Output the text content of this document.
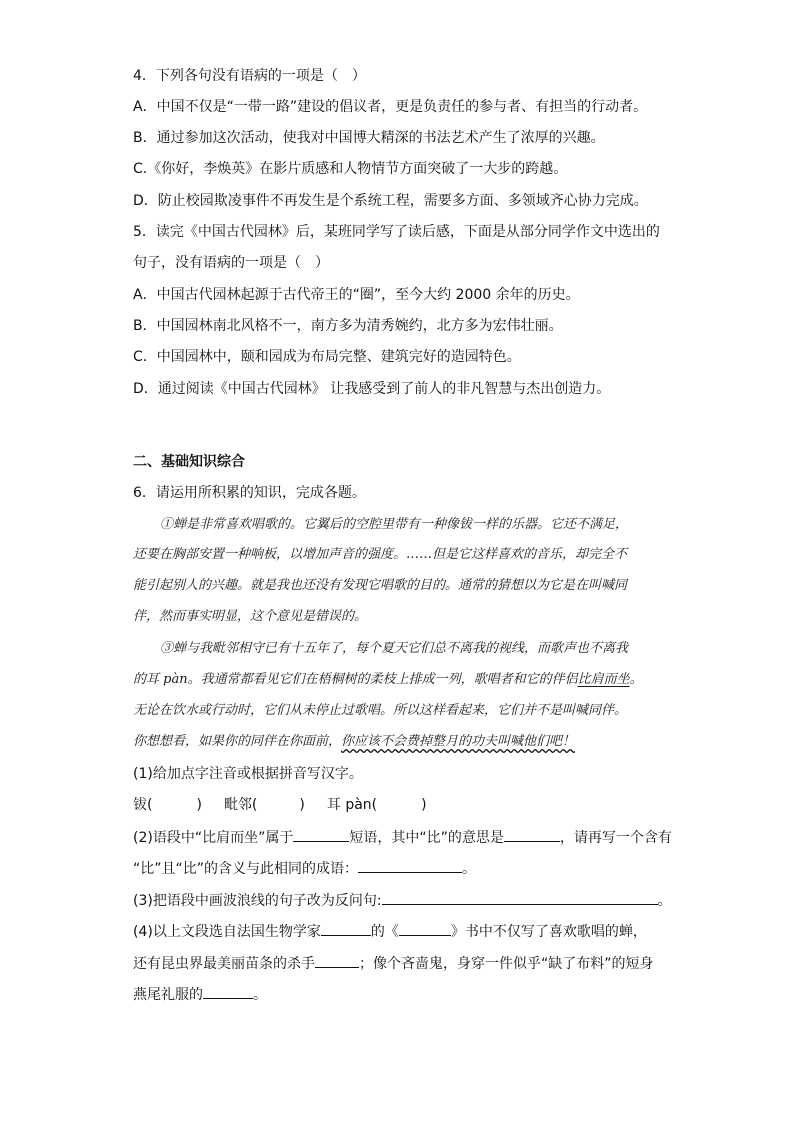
4．下列各句没有语病的一项是（　）
A．中国不仅是“一带一路”建设的倡议者，更是负责任的参与者、有担当的行动者。
B．通过参加这次活动，使我对中国博大精深的书法艺术产生了浓厚的兴趣。
C.《你好，李焕英》在影片质感和人物情节方面突破了一大步的跨越。
D．防止校园欺凌事件不再发生是个系统工程，需要多方面、多领域齐心协力完成。
5．读完《中国古代园林》后，某班同学写了读后感，下面是从部分同学作文中选出的
句子，没有语病的一项是（　）
A．中国古代园林起源于古代帝王的“圈”，至今大约 2000 余年的历史。
B．中国园林南北风格不一，南方多为清秀婉约，北方多为宏伟壮丽。
C．中国园林中，颐和园成为布局完整、建筑完好的造园特色。
D．通过阅读《中国古代园林》 让我感受到了前人的非凡智慧与杰出创造力。
二、基础知识综合
6．请运用所积累的知识，完成各题。
①蝉是非常喜欢唱歌的。它翼后的空腔里带有一种像钹一样的乐器。它还不满足，
还要在胸部安置一种响板，以增加声音的强度。……但是它这样喜欢的音乐，却完全不
能引起别人的兴趣。就是我也还没有发现它唱歌的目的。通常的猜想以为它是在叫喊同
伴，然而事实明显，这个意见是错误的。
③蝉与我毗邻相守已有十五年了，每个夏天它们总不离我的视线，而歌声也不离我
的耳 pàn。我通常都看见它们在梧桐树的柔枝上排成一列，歌唱者和它的伴侣比肩而坐。
无论在饮水或行动时，它们从未停止过歌唱。所以这样看起来，它们并不是叫喊同伴。
你想想看，如果你的同伴在你面前，你应该不会费掉整月的功夫叫喊他们吧！
(1)给加点字注音或根据拼音写汉字。
钹(	) 毗邻(	) 耳 pàn(	)
(2)语段中“比肩而坐”属于	短语，其中“比”的意思是	，请再写一个含有
“比”且“比”的含义与此相同的成语：	。
(3)把语段中画波浪线的句子改为反问句:	。
(4)以上文段选自法国生物学家	的《	》书中不仅写了喜欢歌唱的蝉，
还有昆虫界最美丽苗条的杀手	；像个吝啬鬼，身穿一件似乎“缺了布料”的短身
燕尾礼服的	。
